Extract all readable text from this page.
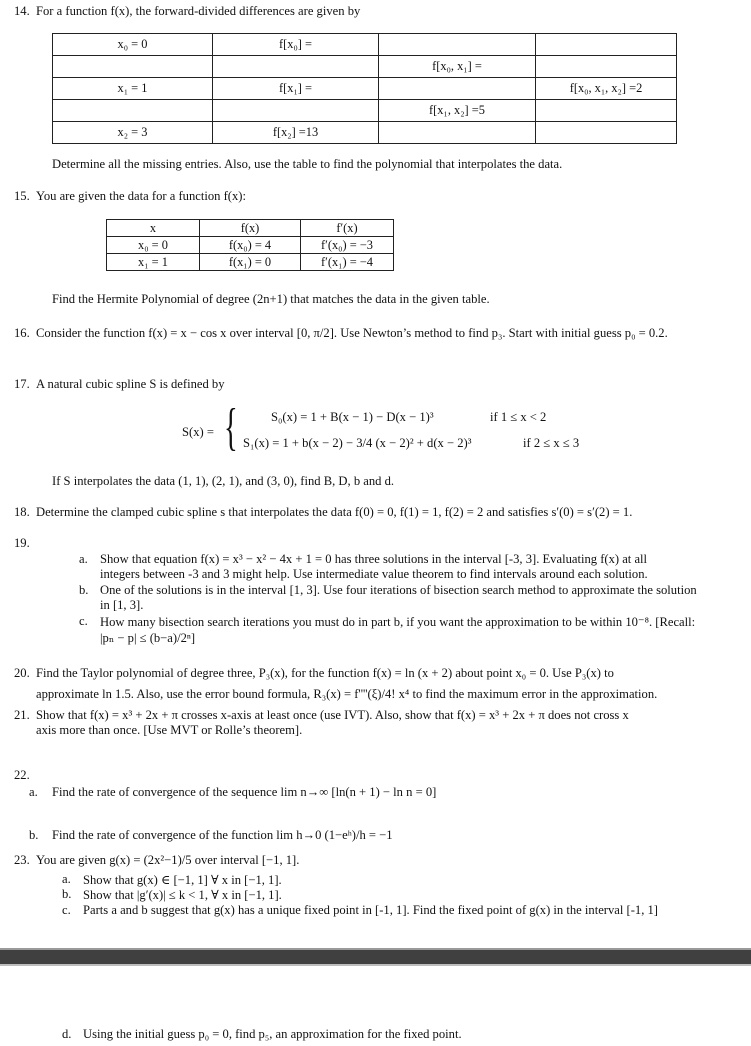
14. For a function f(x), the forward-divided differences are given by
x₀ = 0	f[x₀] =		
		f[x₀, x₁] =	
x₁ = 1	f[x₁] =		f[x₀, x₁, x₂] =2
		f[x₁, x₂] =5	
x₂ = 3	f[x₂] =13		
Determine all the missing entries. Also, use the table to find the polynomial that interpolates the data.
15. You are given the data for a function f(x):
x	f(x)	f′(x)
x₀ = 0	f(x₀) = 4	f′(x₀) = −3
x₁ = 1	f(x₁) = 0	f′(x₁) = −4
Find the Hermite Polynomial of degree (2n+1) that matches the data in the given table.
16. Consider the function f(x) = x − cos x over interval [0, π/2]. Use Newton’s method to find p₃. Start with initial guess p₀ = 0.2.
17. A natural cubic spline S is defined by
S(x) = {	S₀(x) = 1 + B(x − 1) − D(x − 1)³	if 1 ≤ x < 2
S₁(x) = 1 + b(x − 2) − 3/4 (x − 2)² + d(x − 2)³	if 2 ≤ x ≤ 3
If S interpolates the data (1, 1), (2, 1), and (3, 0), find B, D, b and d.
18. Determine the clamped cubic spline s that interpolates the data f(0) = 0, f(1) = 1, f(2) = 2 and satisfies s′(0) = s′(2) = 1.
19.
a. Show that equation f(x) = x³ − x² − 4x + 1 = 0 has three solutions in the interval [-3, 3]. Evaluating f(x) at all
integers between -3 and 3 might help. Use intermediate value theorem to find intervals around each solution.
b. One of the solutions is in the interval [1, 3]. Use four iterations of bisection search method to approximate the solution
in [1, 3].
c. How many bisection search iterations you must do in part b, if you want the approximation to be within 10⁻⁸. [Recall:
|pₙ − p| ≤ (b−a)/2ⁿ]
20. Find the Taylor polynomial of degree three, P₃(x), for the function f(x) = ln (x + 2) about point x₀ = 0. Use P₃(x) to
approximate ln 1.5. Also, use the error bound formula, R₃(x) = f''''(ξ)/4! x⁴ to find the maximum error in the approximation.
21. Show that f(x) = x³ + 2x + π crosses x-axis at least once (use IVT). Also, show that f(x) = x³ + 2x + π does not cross x
axis more than once. [Use MVT or Rolle’s theorem].
22.
a. Find the rate of convergence of the sequence lim n→∞ [ln(n + 1) − ln n = 0]
b. Find the rate of convergence of the function lim h→0 (1−eʰ)/h = −1
23. You are given g(x) = (2x²−1)/5 over interval [−1, 1].
a. Show that g(x) ∈ [−1, 1] ∀ x in [−1, 1].
b. Show that |g′(x)| ≤ k < 1, ∀ x in [−1, 1].
c. Parts a and b suggest that g(x) has a unique fixed point in [-1, 1]. Find the fixed point of g(x) in the interval [-1, 1]
d. Using the initial guess p₀ = 0, find p₅, an approximation for the fixed point.
